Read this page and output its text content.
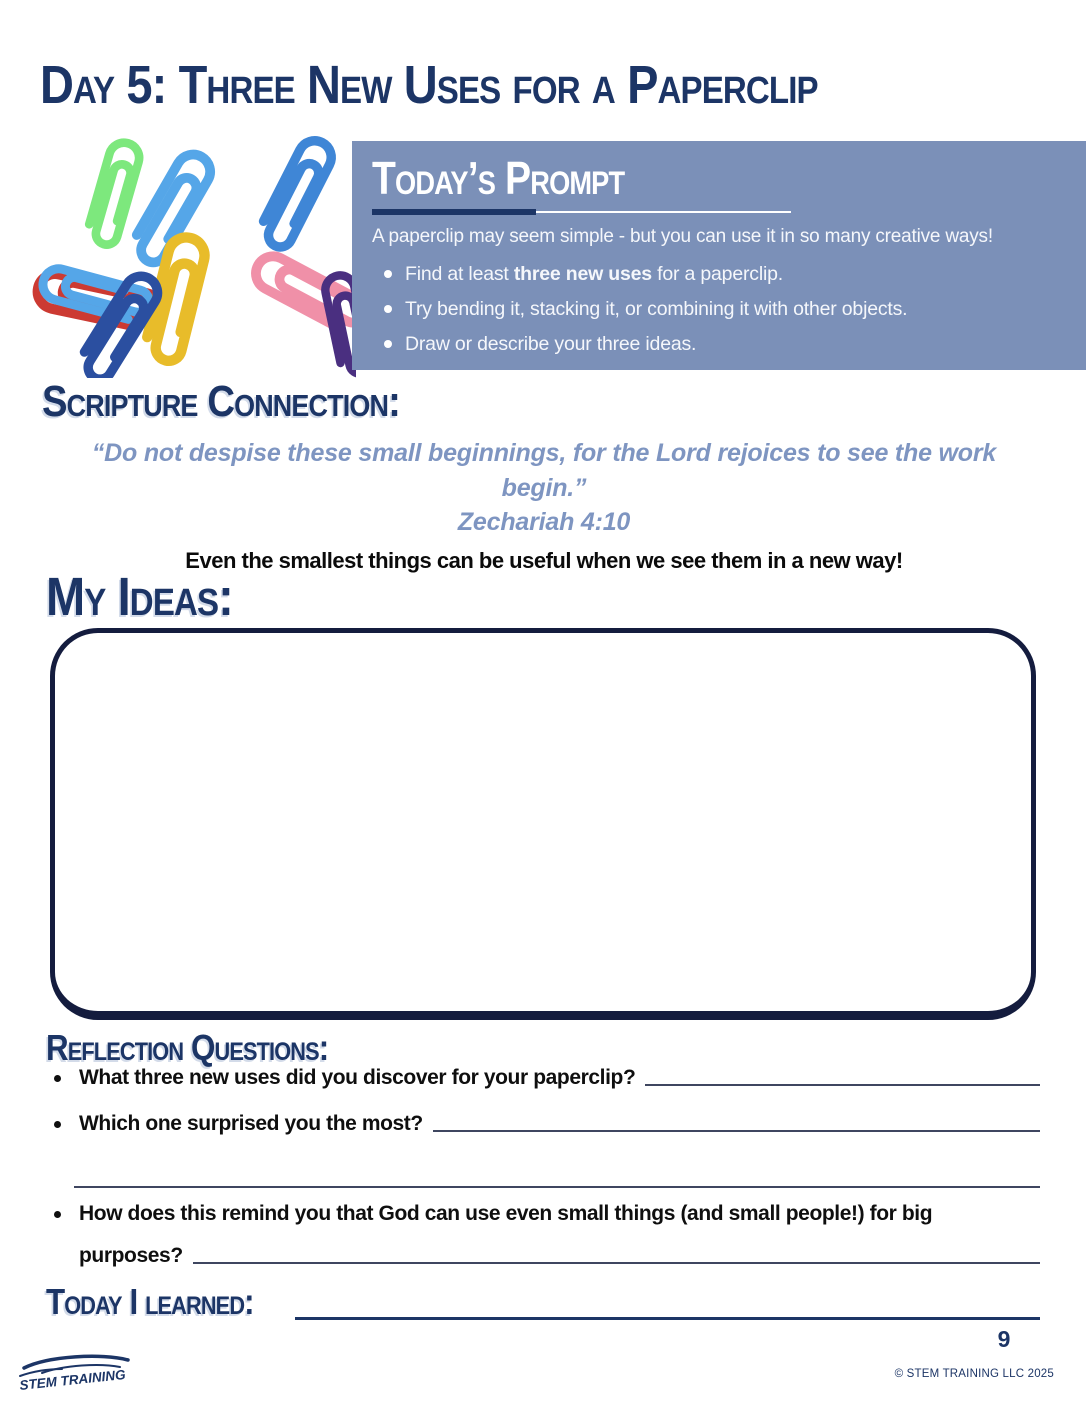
Day 5: Three New Uses for a Paperclip
Today’s Prompt
A paperclip may seem simple - but you can use it in so many creative ways!
Find at least three new uses for a paperclip.
Try bending it, stacking it, or combining it with other objects.
Draw or describe your three ideas.
Scripture Connection:
“Do not despise these small beginnings, for the Lord rejoices to see the work begin.”
Zechariah 4:10
Even the smallest things can be useful when we see them in a new way!
My Ideas:
Reflection Questions:
What three new uses did you discover for your paperclip?
Which one surprised you the most?
How does this remind you that God can use even small things (and small people!) for big
purposes?
Today I learned:
9
STEM TRAINING	© STEM TRAINING LLC 2025
